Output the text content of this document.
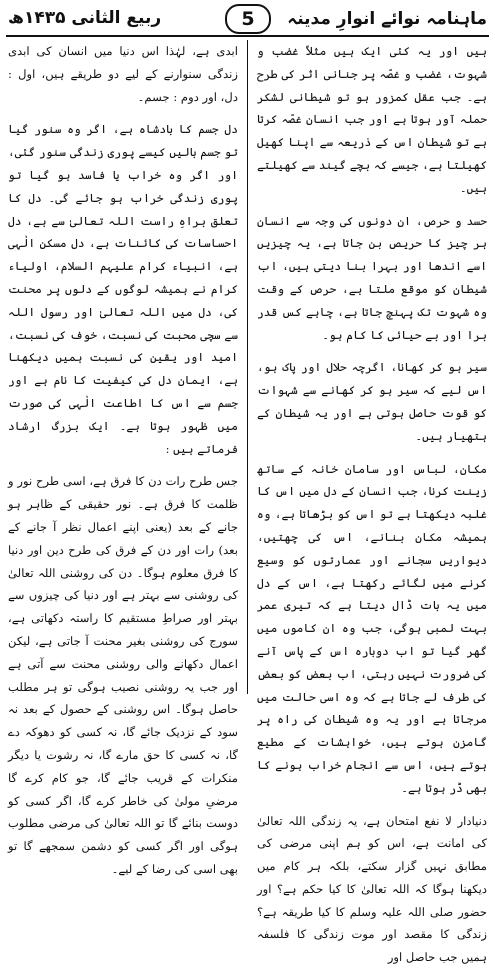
ماہنامہ نوائے انوارِ مدینہ
5
ربیع الثانی ۱۴۳۵ھ

ہیں اور یہ کئی ایک ہیں مثلاً غضب و شہوت، غضب و غصّہ پر جنانی اثر کی طرح ہے۔ جب عقل کمزور ہو تو شیطانی لشکر حملہ آور ہوتا ہے اور جب انسان غصّہ کرتا ہے تو شیطان اس کے ذریعہ سے اپنا کھیل کھیلتا ہے، جیسے کہ بچے گیند سے کھیلتے ہیں۔

حسد و حرص، ان دونوں کی وجہ سے انسان ہر چیز کا حریص بن جاتا ہے، یہ چیزیں اسے اندھا اور بہرا بنا دیتی ہیں، اب شیطان کو موقع ملتا ہے، حرص کے وقت وہ شہوت تک پہنچ جاتا ہے، چاہے کس قدر برا اور بے حیائی کا کام ہو۔

سیر ہو کر کھانا، اگرچہ حلال اور پاک ہو، اس لیے کہ سیر ہو کر کھانے سے شہوات کو قوت حاصل ہوتی ہے اور یہ شیطان کے ہتھیار ہیں۔

مکان، لباس اور سامان خانہ کے ساتھ زینت کرنا، جب انسان کے دل میں اس کا غلبہ دیکھتا ہے تو اس کو بڑھاتا ہے، وہ ہمیشہ مکان بنانے، اس کی چھتیں، دیواریں سجانے اور عمارتوں کو وسیع کرنے میں لگائے رکھتا ہے، اس کے دل میں یہ بات ڈال دیتا ہے کہ تیری عمر بہت لمبی ہوگی، جب وہ ان کاموں میں گھر گیا تو اب دوبارہ اس کے پاس آنے کی ضرورت نہیں رہتی، اب بعض کو بعض کی طرف لے جاتا ہے کہ وہ اسی حالت میں مرجاتا ہے اور یہ وہ شیطان کی راہ پر گامزن ہوتے ہیں، خواہشات کے مطیع ہوتے ہیں، اس سے انجام خراب ہونے کا بھی ڈر ہوتا ہے۔

دنیادار لا نفع امتحان ہے، یہ زندگی اللہ تعالیٰ کی امانت ہے، اس کو ہم اپنی مرضی کی مطابق نہیں گزار سکتے، بلکہ ہر کام میں دیکھنا ہوگا کہ اللہ تعالیٰ کا کیا حکم ہے؟ اور حضور صلی اللہ علیہ وسلم کا کیا طریقہ ہے؟ زندگی کا مقصد اور موت زندگی کا فلسفہ ہمیں جب حاصل اور

ابدی ہے، لہٰذا اس دنیا میں انسان کی ابدی زندگی سنوارنے کے لیے دو طریقے ہیں، اول : دل، اور دوم : جسم۔

دل جسم کا بادشاہ ہے، اگر وہ سنور گیا تو جسم بالیں کیسے پوری زندگی سنور گئی، اور اگر وہ خراب یا فاسد ہو گیا تو پوری زندگی خراب ہو جائے گی۔ دل کا تعلق براہِ راست اللہ تعالیٰ سے ہے، دل احساسات کی کائنات ہے، دل مسکن الٰہی ہے، انبیاء کرام علیہم السلام، اولیاء کرام نے ہمیشہ لوگوں کے دلوں پر محنت کی، دل میں اللہ تعالیٰ اور رسول اللہ سے سچی محبت کی نسبت، خوف کی نسبت، امید اور یقین کی نسبت ہمیں دیکھنا ہے، ایمان دل کی کیفیت کا نام ہے اور جسم سے اس کا اطاعت الٰہی کی صورت میں ظہور ہوتا ہے۔ ایک بزرگ ارشاد فرماتے ہیں :

جس طرح رات دن کا فرق ہے، اسی طرح نور و ظلمت کا فرق ہے۔ نور حقیقی کے ظاہر ہو جانے کے بعد (یعنی اپنے اعمال نظر آ جانے کے بعد) رات اور دن کے فرق کی طرح دین اور دنیا کا فرق معلوم ہوگا۔ دن کی روشنی اللہ تعالیٰ کی روشنی سے بہتر ہے اور دنیا کی چیزوں سے بہتر اور صراطِ مستقیم کا راستہ دکھاتی ہے، سورج کی روشنی بغیر محنت آ جاتی ہے، لیکن اعمال دکھانے والی روشنی محنت سے آتی ہے اور جب یہ روشنی نصیب ہوگی تو ہر مطلب حاصل ہوگا۔ اس روشنی کے حصول کے بعد نہ سود کے نزدیک جائے گا، نہ کسی کو دھوکہ دے گا، نہ کسی کا حق مارے گا، نہ رشوت یا دیگر منکرات کے قریب جائے گا، جو کام کرے گا مرضیِ مولیٰ کی خاطر کرے گا، اگر کسی کو دوست بنائے گا تو اللہ تعالیٰ کی مرضی مطلوب ہوگی اور اگر کسی کو دشمن سمجھے گا تو بھی اسی کی رضا کے لیے۔
